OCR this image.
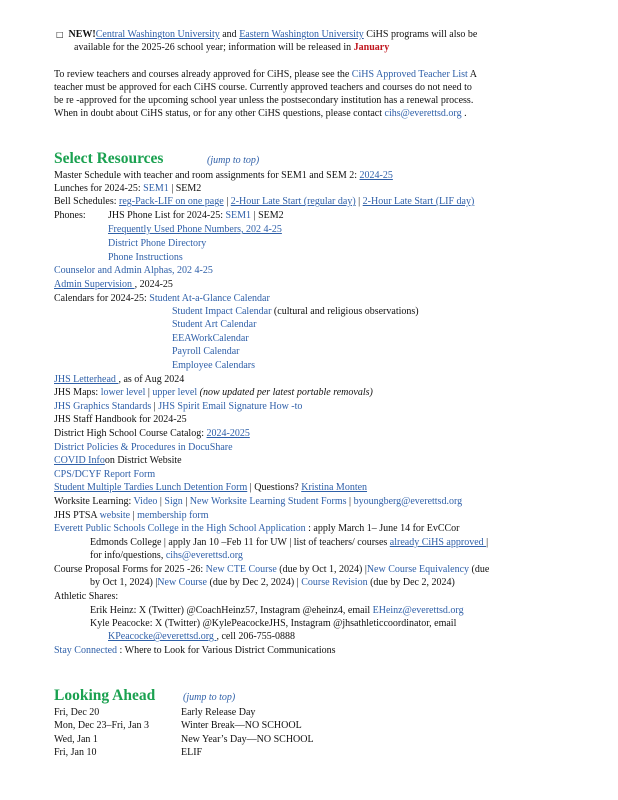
□ NEW!Central Washington University and Eastern Washington University CiHS programs will also be
available for the 2025-26 school year; information will be released in January
To review teachers and courses already approved for CiHS, please see the CiHS Approved Teacher List A
teacher must be approved for each CiHS course. Currently approved teachers and courses do not need to
be re -approved for the upcoming school year unless the postsecondary institution has a renewal process.
When in doubt about CiHS status, or for any other CiHS questions, please contact cihs@everettsd.org .
Select Resources	(jump to top)
Master Schedule with teacher and room assignments for SEM1 and SEM 2: 2024-25
Lunches for 2024-25: SEM1 | SEM2
Bell Schedules: reg-Pack-LIF on one page | 2-Hour Late Start (regular day) | 2-Hour Late Start (LIF day)
Phones: JHS Phone List for 2024-25: SEM1 | SEM2
Frequently Used Phone Numbers, 202 4-25
District Phone Directory
Phone Instructions
Counselor and Admin Alphas, 202 4-25
Admin Supervision , 2024-25
Calendars for 2024-25: Student At-a-Glance Calendar
Student Impact Calendar (cultural and religious observations)
Student Art Calendar
EEAWorkCalendar
Payroll Calendar
Employee Calendars
JHS Letterhead , as of Aug 2024
JHS Maps: lower level | upper level (now updated per latest portable removals)
JHS Graphics Standards | JHS Spirit Email Signature How -to
JHS Staff Handbook for 2024-25
District High School Course Catalog: 2024-2025
District Policies & Procedures in DocuShare
COVID Infoon District Website
CPS/DCYF Report Form
Student Multiple Tardies Lunch Detention Form | Questions? Kristina Monten
Worksite Learning: Video | Sign | New Worksite Learning Student Forms | byoungberg@everettsd.org
JHS PTSA website | membership form
Everett Public Schools College in the High School Application : apply March 1– June 14 for EvCCor
Edmonds College | apply Jan 10 –Feb 11 for UW | list of teachers/ courses already CiHS approved |
for info/questions, cihs@everettsd.org
Course Proposal Forms for 2025 -26: New CTE Course (due by Oct 1, 2024) |New Course Equivalency (due
by Oct 1, 2024) |New Course (due by Dec 2, 2024) | Course Revision (due by Dec 2, 2024)
Athletic Shares:
Erik Heinz: X (Twitter) @CoachHeinz57, Instagram @eheinz4, email EHeinz@everettsd.org
Kyle Peacocke: X (Twitter) @KylePeacockeJHS, Instagram @jhsathleticcoordinator, email
KPeacocke@everettsd.org , cell 206-755-0888
Stay Connected : Where to Look for Various District Communications
Looking Ahead	(jump to top)
Fri, Dec 20	Early Release Day
Mon, Dec 23–Fri, Jan 3	Winter Break—NO SCHOOL
Wed, Jan 1	New Year’s Day—NO SCHOOL
Fri, Jan 10	ELIF
